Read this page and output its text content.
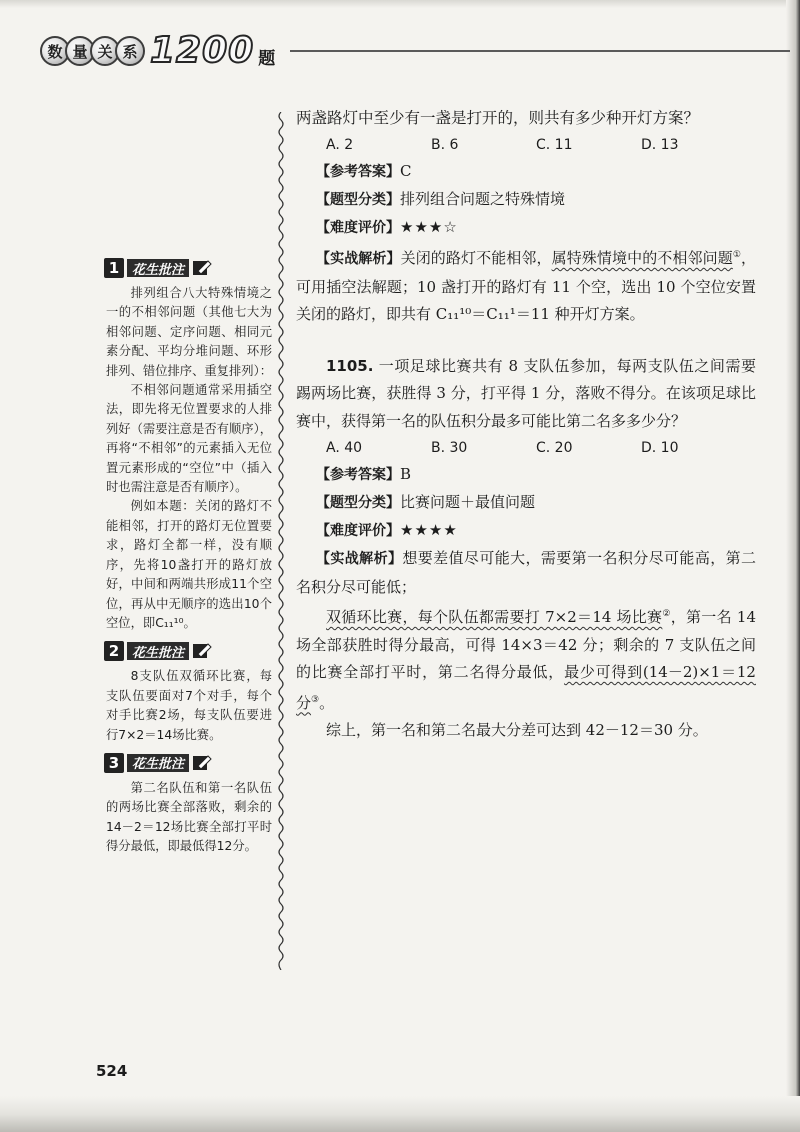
数 量 关 系 1200 题
1 花生批注

排列组合八大特殊情境之一的不相邻问题（其他七大为相邻问题、定序问题、相同元素分配、平均分堆问题、环形排列、错位排序、重复排列）：

不相邻问题通常采用插空法，即先将无位置要求的人排列好（需要注意是否有顺序），再将“不相邻”的元素插入无位置元素形成的“空位”中（插入时也需注意是否有顺序）。

例如本题：关闭的路灯不能相邻，打开的路灯无位置要求，路灯全都一样，没有顺序，先将10盏打开的路灯放好，中间和两端共形成11个空位，再从中无顺序的选出10个空位，即C₁₁¹⁰。

2 花生批注

8支队伍双循环比赛，每支队伍要面对7个对手，每个对手比赛2场，每支队伍要进行7×2＝14场比赛。

3 花生批注

第二名队伍和第一名队伍的两场比赛全部落败，剩余的14－2＝12场比赛全部打平时得分最低，即最低得12分。

两盏路灯中至少有一盏是打开的，则共有多少种开灯方案？
A. 2	B. 6	C. 11	D. 13
【参考答案】C
【题型分类】排列组合问题之特殊情境
【难度评价】★★★☆
【实战解析】关闭的路灯不能相邻，属特殊情境中的不相邻问题①，可用插空法解题；10 盏打开的路灯有 11 个空，选出 10 个空位安置关闭的路灯，即共有 C₁₁¹⁰＝C₁₁¹＝11 种开灯方案。
1105. 一项足球比赛共有 8 支队伍参加，每两支队伍之间需要踢两场比赛，获胜得 3 分，打平得 1 分，落败不得分。在该项足球比赛中，获得第一名的队伍积分最多可能比第二名多多少分？
A. 40	B. 30	C. 20	D. 10
【参考答案】B
【题型分类】比赛问题＋最值问题
【难度评价】★★★★
【实战解析】想要差值尽可能大，需要第一名积分尽可能高，第二名积分尽可能低；
双循环比赛，每个队伍都需要打 7×2＝14 场比赛②，第一名 14 场全部获胜时得分最高，可得 14×3＝42 分；剩余的 7 支队伍之间的比赛全部打平时，第二名得分最低，最少可得到(14－2)×1＝12 分③。
综上，第一名和第二名最大分差可达到 42－12＝30 分。
524
